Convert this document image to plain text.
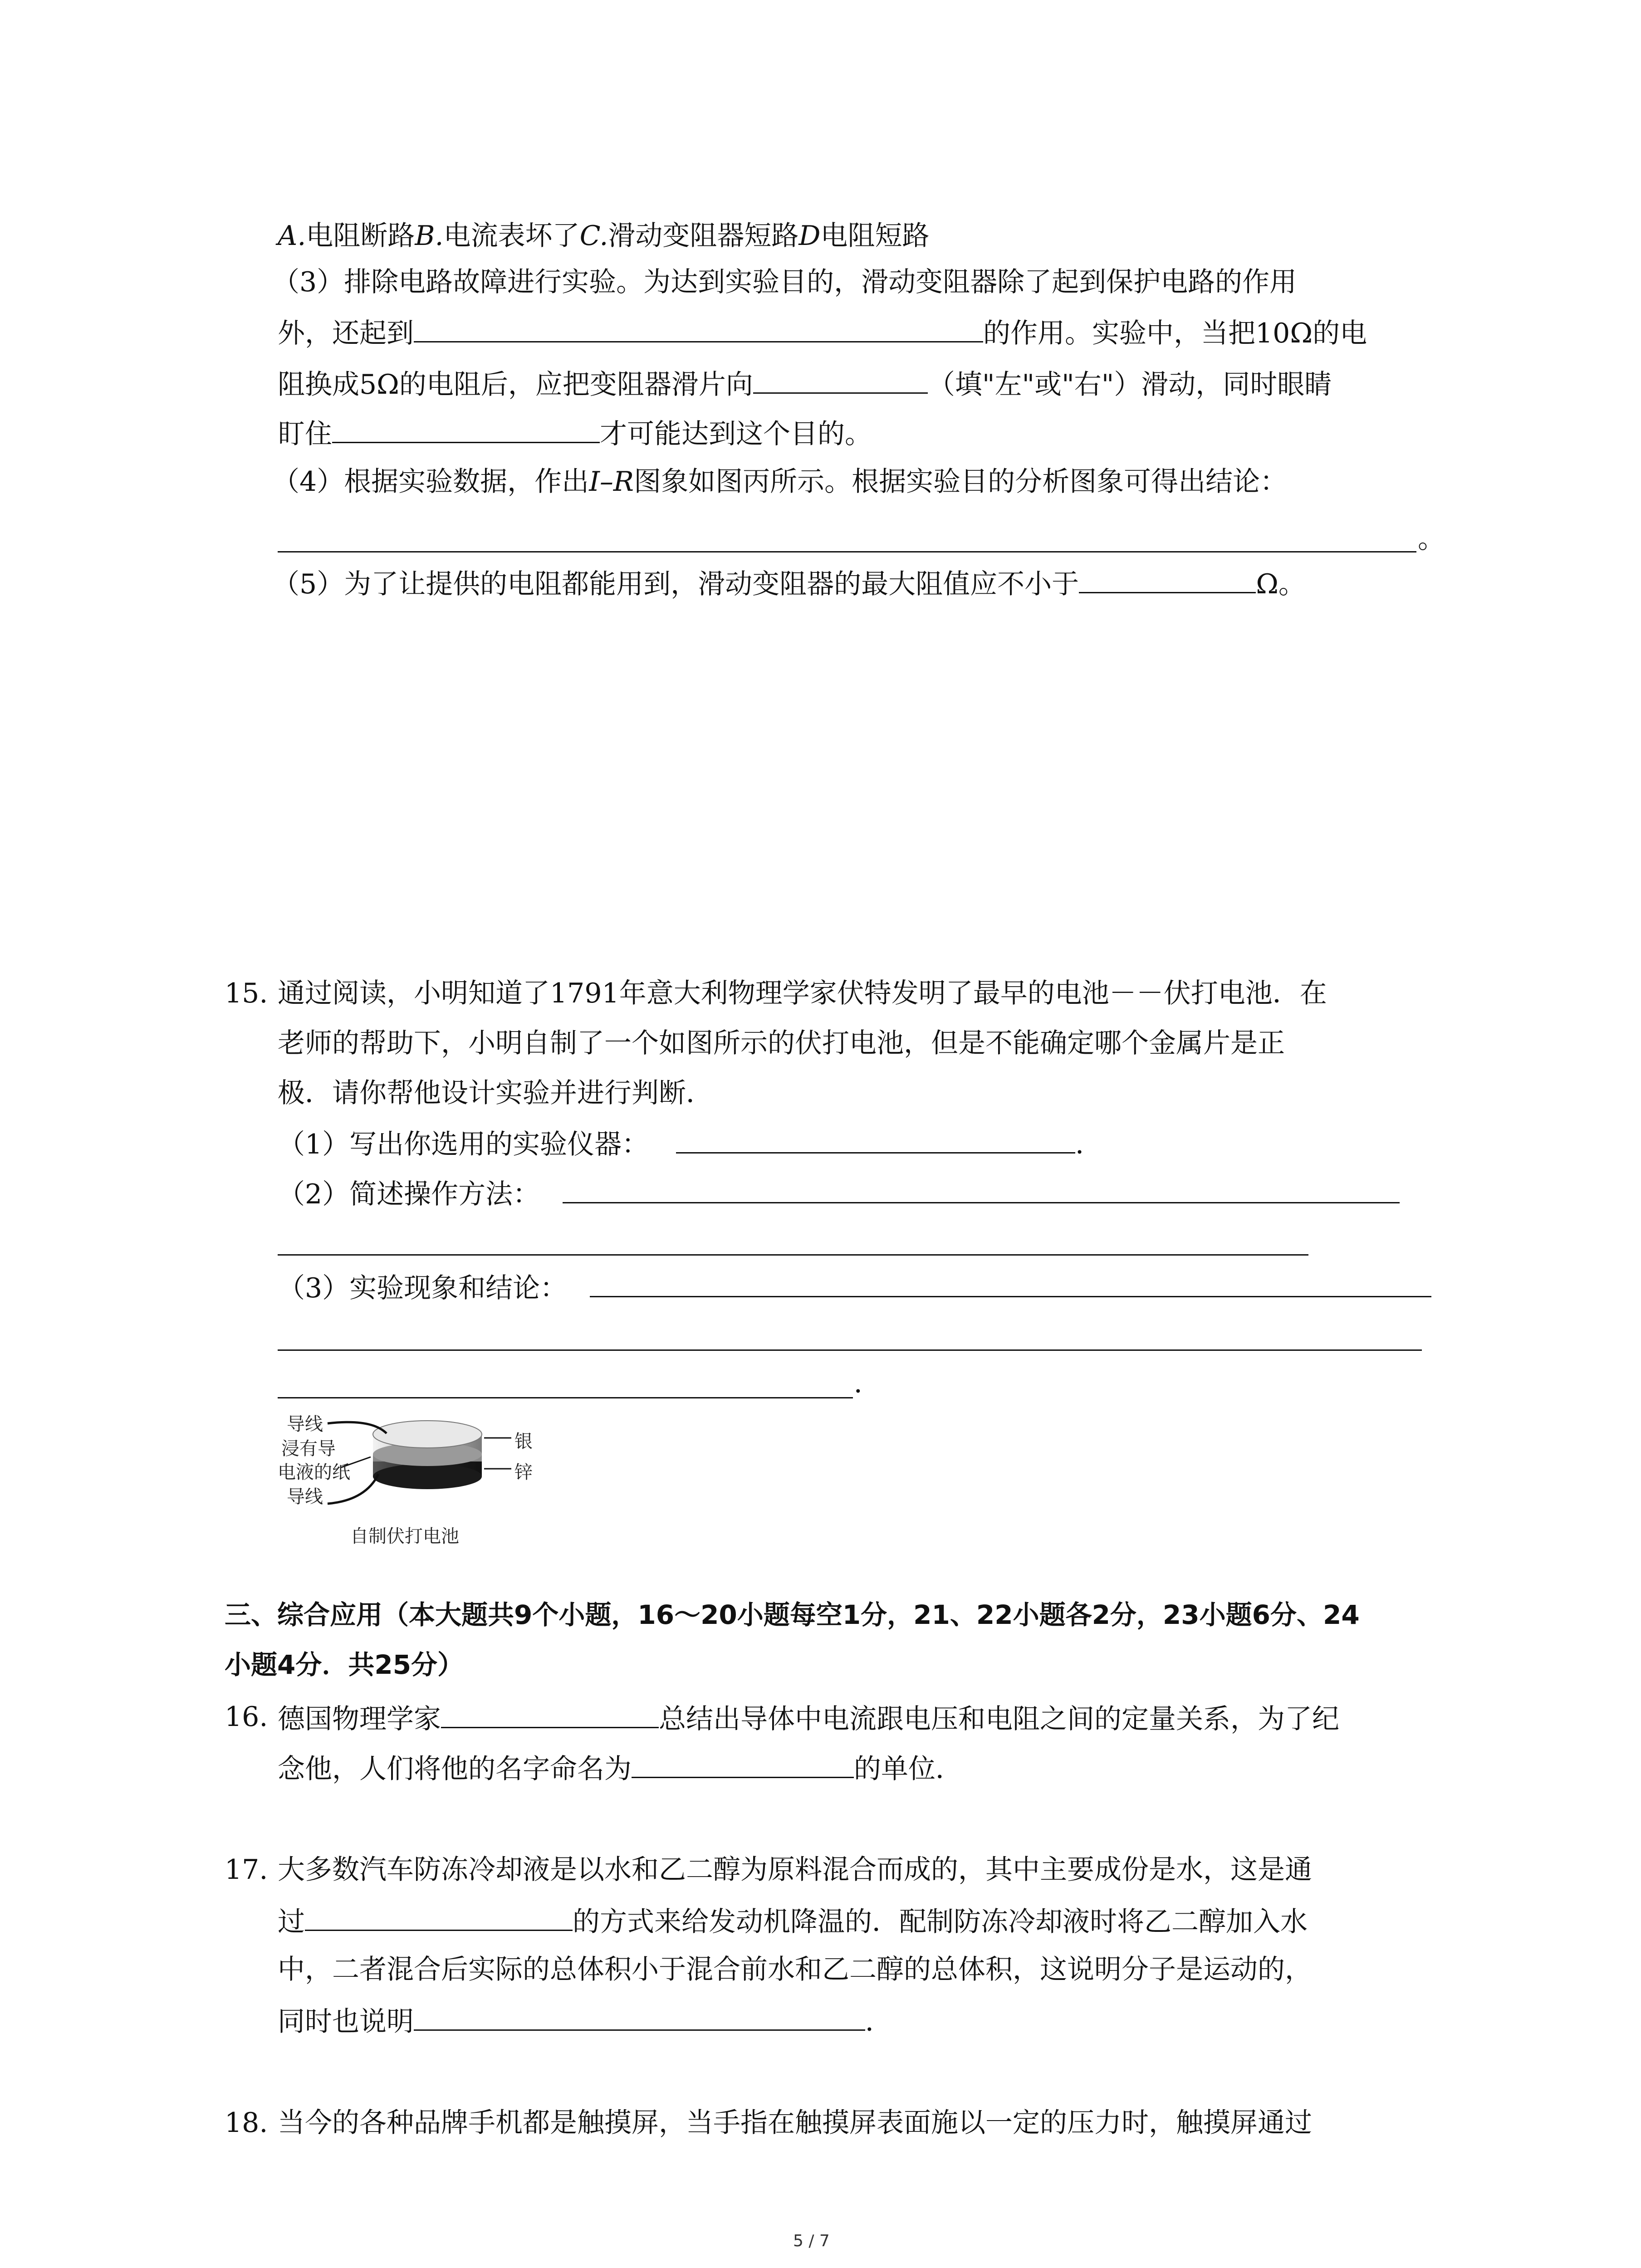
A.电阻断路B.电流表坏了C.滑动变阻器短路D电阻短路
（3）排除电路故障进行实验。为达到实验目的，滑动变阻器除了起到保护电路的作用
外，还起到	的作用。实验中，当把10Ω的电
阻换成5Ω的电阻后，应把变阻器滑片向	（填"左"或"右"）滑动，同时眼睛
盯住	才可能达到这个目的。
（4）根据实验数据，作出I–R图象如图丙所示。根据实验目的分析图象可得出结论：
。
（5）为了让提供的电阻都能用到，滑动变阻器的最大阻值应不小于	Ω。
15. 通过阅读，小明知道了1791年意大利物理学家伏特发明了最早的电池－－伏打电池．在
老师的帮助下，小明自制了一个如图所示的伏打电池，但是不能确定哪个金属片是正
极．请你帮他设计实验并进行判断．
（1）写出你选用的实验仪器：	．
（2）简述操作方法：
（3）实验现象和结论：
．
导线
浸有导
电液的纸
导线
银
锌
自制伏打电池
三、综合应用（本大题共9个小题，16～20小题每空1分，21、22小题各2分，23小题6分、24
小题4分．共25分）
16. 德国物理学家	总结出导体中电流跟电压和电阻之间的定量关系，为了纪
念他，人们将他的名字命名为	的单位．
17. 大多数汽车防冻冷却液是以水和乙二醇为原料混合而成的，其中主要成份是水，这是通
过	的方式来给发动机降温的．配制防冻冷却液时将乙二醇加入水
中，二者混合后实际的总体积小于混合前水和乙二醇的总体积，这说明分子是运动的，
同时也说明	．
18. 当今的各种品牌手机都是触摸屏，当手指在触摸屏表面施以一定的压力时，触摸屏通过
5 / 7
